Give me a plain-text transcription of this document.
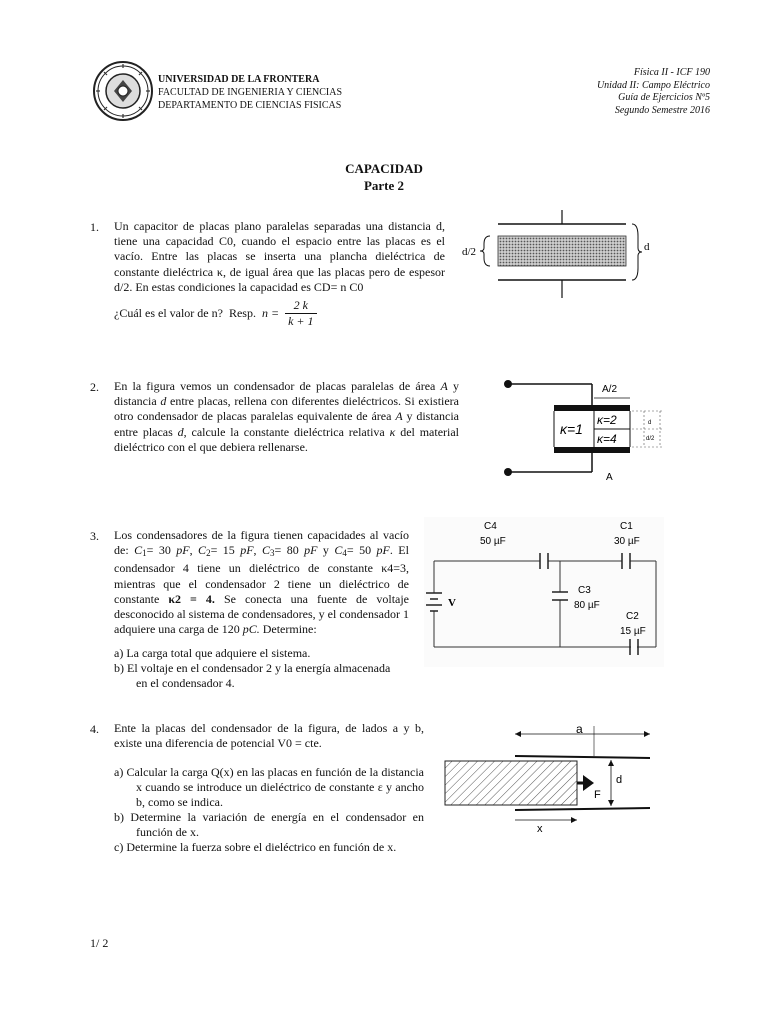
UNIVERSIDAD DE LA FRONTERA
FACULTAD DE INGENIERIA Y CIENCIAS
DEPARTAMENTO DE CIENCIAS FISICAS
Física II - ICF 190
Unidad II: Campo Eléctrico
Guía de Ejercicios Nº5
Segundo Semestre 2016
CAPACIDAD
Parte 2
1. Un capacitor de placas plano paralelas separadas una distancia d, tiene una capacidad C0, cuando el espacio entre las placas es el vacío. Entre las placas se inserta una plancha dieléctrica de constante dieléctrica κ, de igual área que las placas pero de espesor d/2. En estas condiciones la capacidad es CD= n C0
¿Cuál es el valor de n? Resp. $n = \frac{2 k}{k + 1}$
d/2	d
2. En la figura vemos un condensador de placas paralelas de área A y distancia d entre placas, rellena con diferentes dieléctricos. Si existiera otro condensador de placas paralelas equivalente de área A y distancia entre placas d, calcule la constante dieléctrica relativa κ del material dieléctrico con el que debiera rellenarse.
A/2
A
κ=1
κ=2
κ=4
d
d/2
3. Los condensadores de la figura tienen capacidades al vacío de: $C_1= 30$ pF, $C_2= 15$ pF, $C_3= 80$ pF y $C_4= 50$ pF. El condensador 4 tiene un dieléctrico de constante κ4=3, mientras que el condensador 2 tiene un dieléctrico de constante κ2 = 4. Se conecta una fuente de voltaje desconocido al sistema de condensadores, y el condensador 1 adquiere una carga de 120 pC. Determine:
a) La carga total que adquiere el sistema.
b) El voltaje en el condensador 2 y la energía almacenada en el condensador 4.
C4
50 µF
C1
30 µF
C3
80 µF
C2
15 µF
V
4. Ente la placas del condensador de la figura, de lados a y b, existe una diferencia de potencial V0 = cte.
a) Calcular la carga Q(x) en las placas en función de la distancia x cuando se introduce un dieléctrico de constante ε y ancho b, como se indica.
b) Determine la variación de energía en el condensador en función de x.
c) Determine la fuerza sobre el dieléctrico en función de x.
a
d
F
x
1/ 2
